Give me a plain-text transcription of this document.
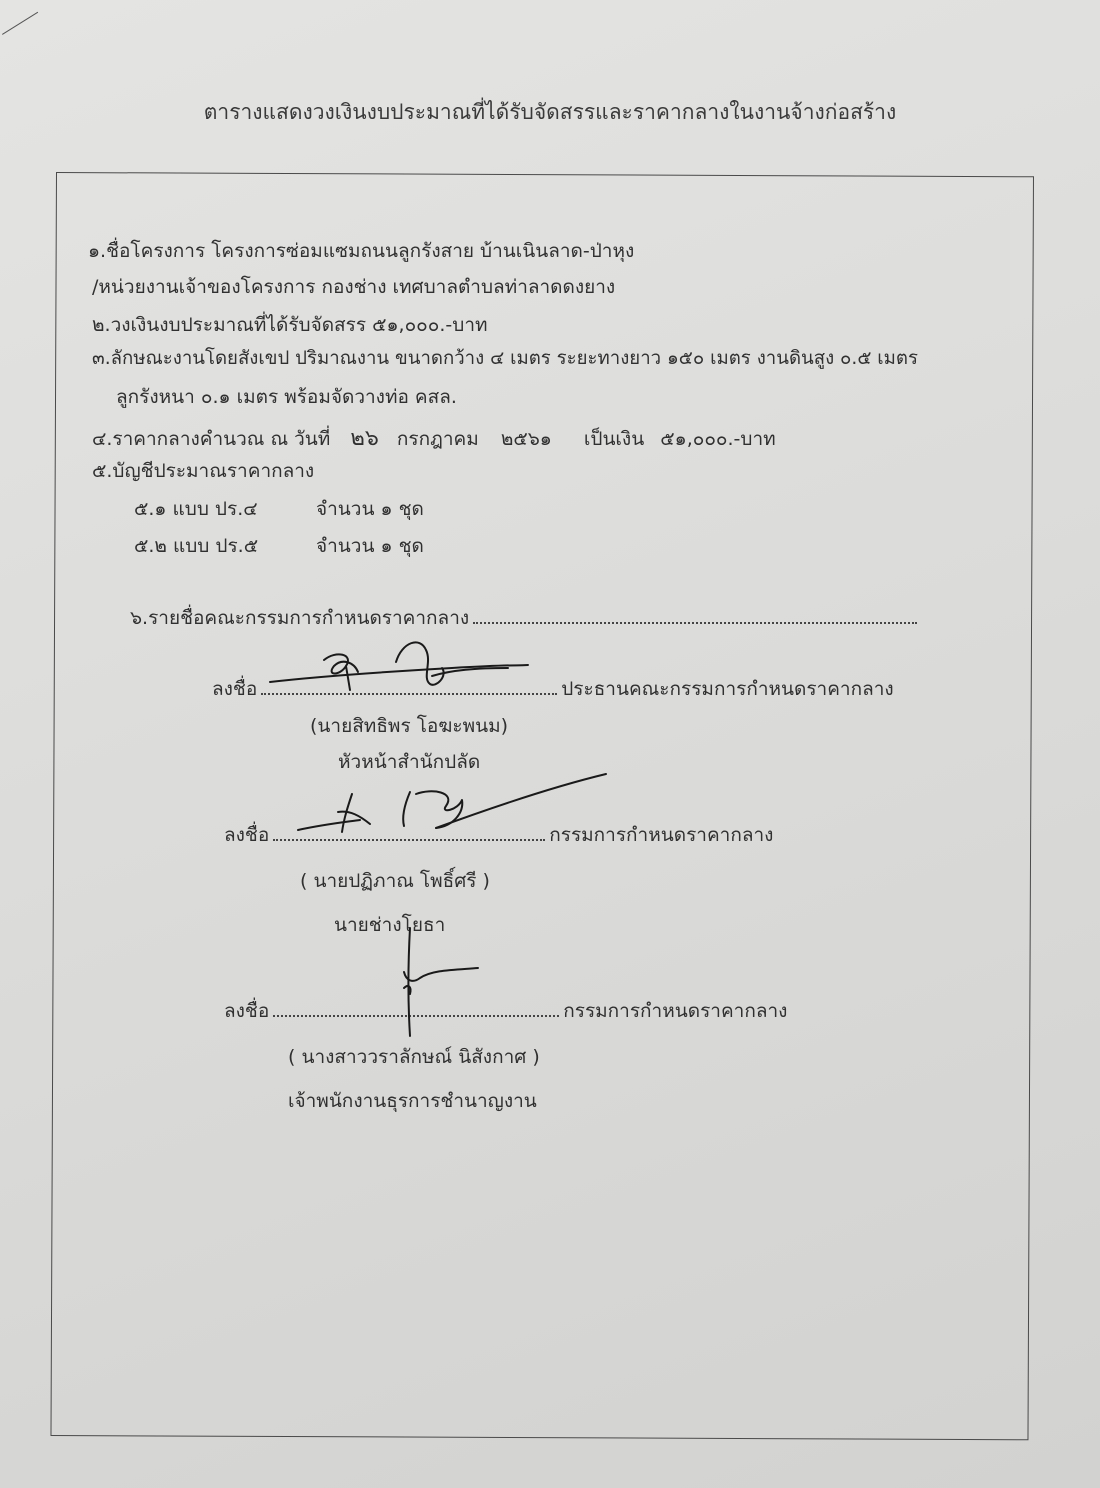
ตารางแสดงวงเงินงบประมาณที่ได้รับจัดสรรและราคากลางในงานจ้างก่อสร้าง
๑.ชื่อโครงการ โครงการซ่อมแซมถนนลูกรังสาย บ้านเนินลาด-ป่าหุง
/หน่วยงานเจ้าของโครงการ กองช่าง เทศบาลตำบลท่าลาดดงยาง
๒.วงเงินงบประมาณที่ได้รับจัดสรร ๕๑,๐๐๐.-บาท
๓.ลักษณะงานโดยสังเขป ปริมาณงาน ขนาดกว้าง ๔ เมตร ระยะทางยาว ๑๕๐ เมตร งานดินสูง ๐.๕ เมตร
ลูกรังหนา ๐.๑ เมตร พร้อมจัดวางท่อ คสล.
๔.ราคากลางคำนวณ ณ วันที่ ๒๖ กรกฎาคม ๒๕๖๑ เป็นเงิน ๕๑,๐๐๐.-บาท
๕.บัญชีประมาณราคากลาง
๕.๑ แบบ ปร.๔	จำนวน ๑ ชุด
๕.๒ แบบ ปร.๕	จำนวน ๑ ชุด
๖.รายชื่อคณะกรรมการกำหนดราคากลาง
ลงชื่อ	ประธานคณะกรรมการกำหนดราคากลาง
(นายสิทธิพร โอฆะพนม)
หัวหน้าสำนักปลัด
ลงชื่อ	กรรมการกำหนดราคากลาง
( นายปฏิภาณ โพธิ์ศรี )
นายช่างโยธา
ลงชื่อ	กรรมการกำหนดราคากลาง
( นางสาววราลักษณ์ นิสังกาศ )
เจ้าพนักงานธุรการชำนาญงาน
